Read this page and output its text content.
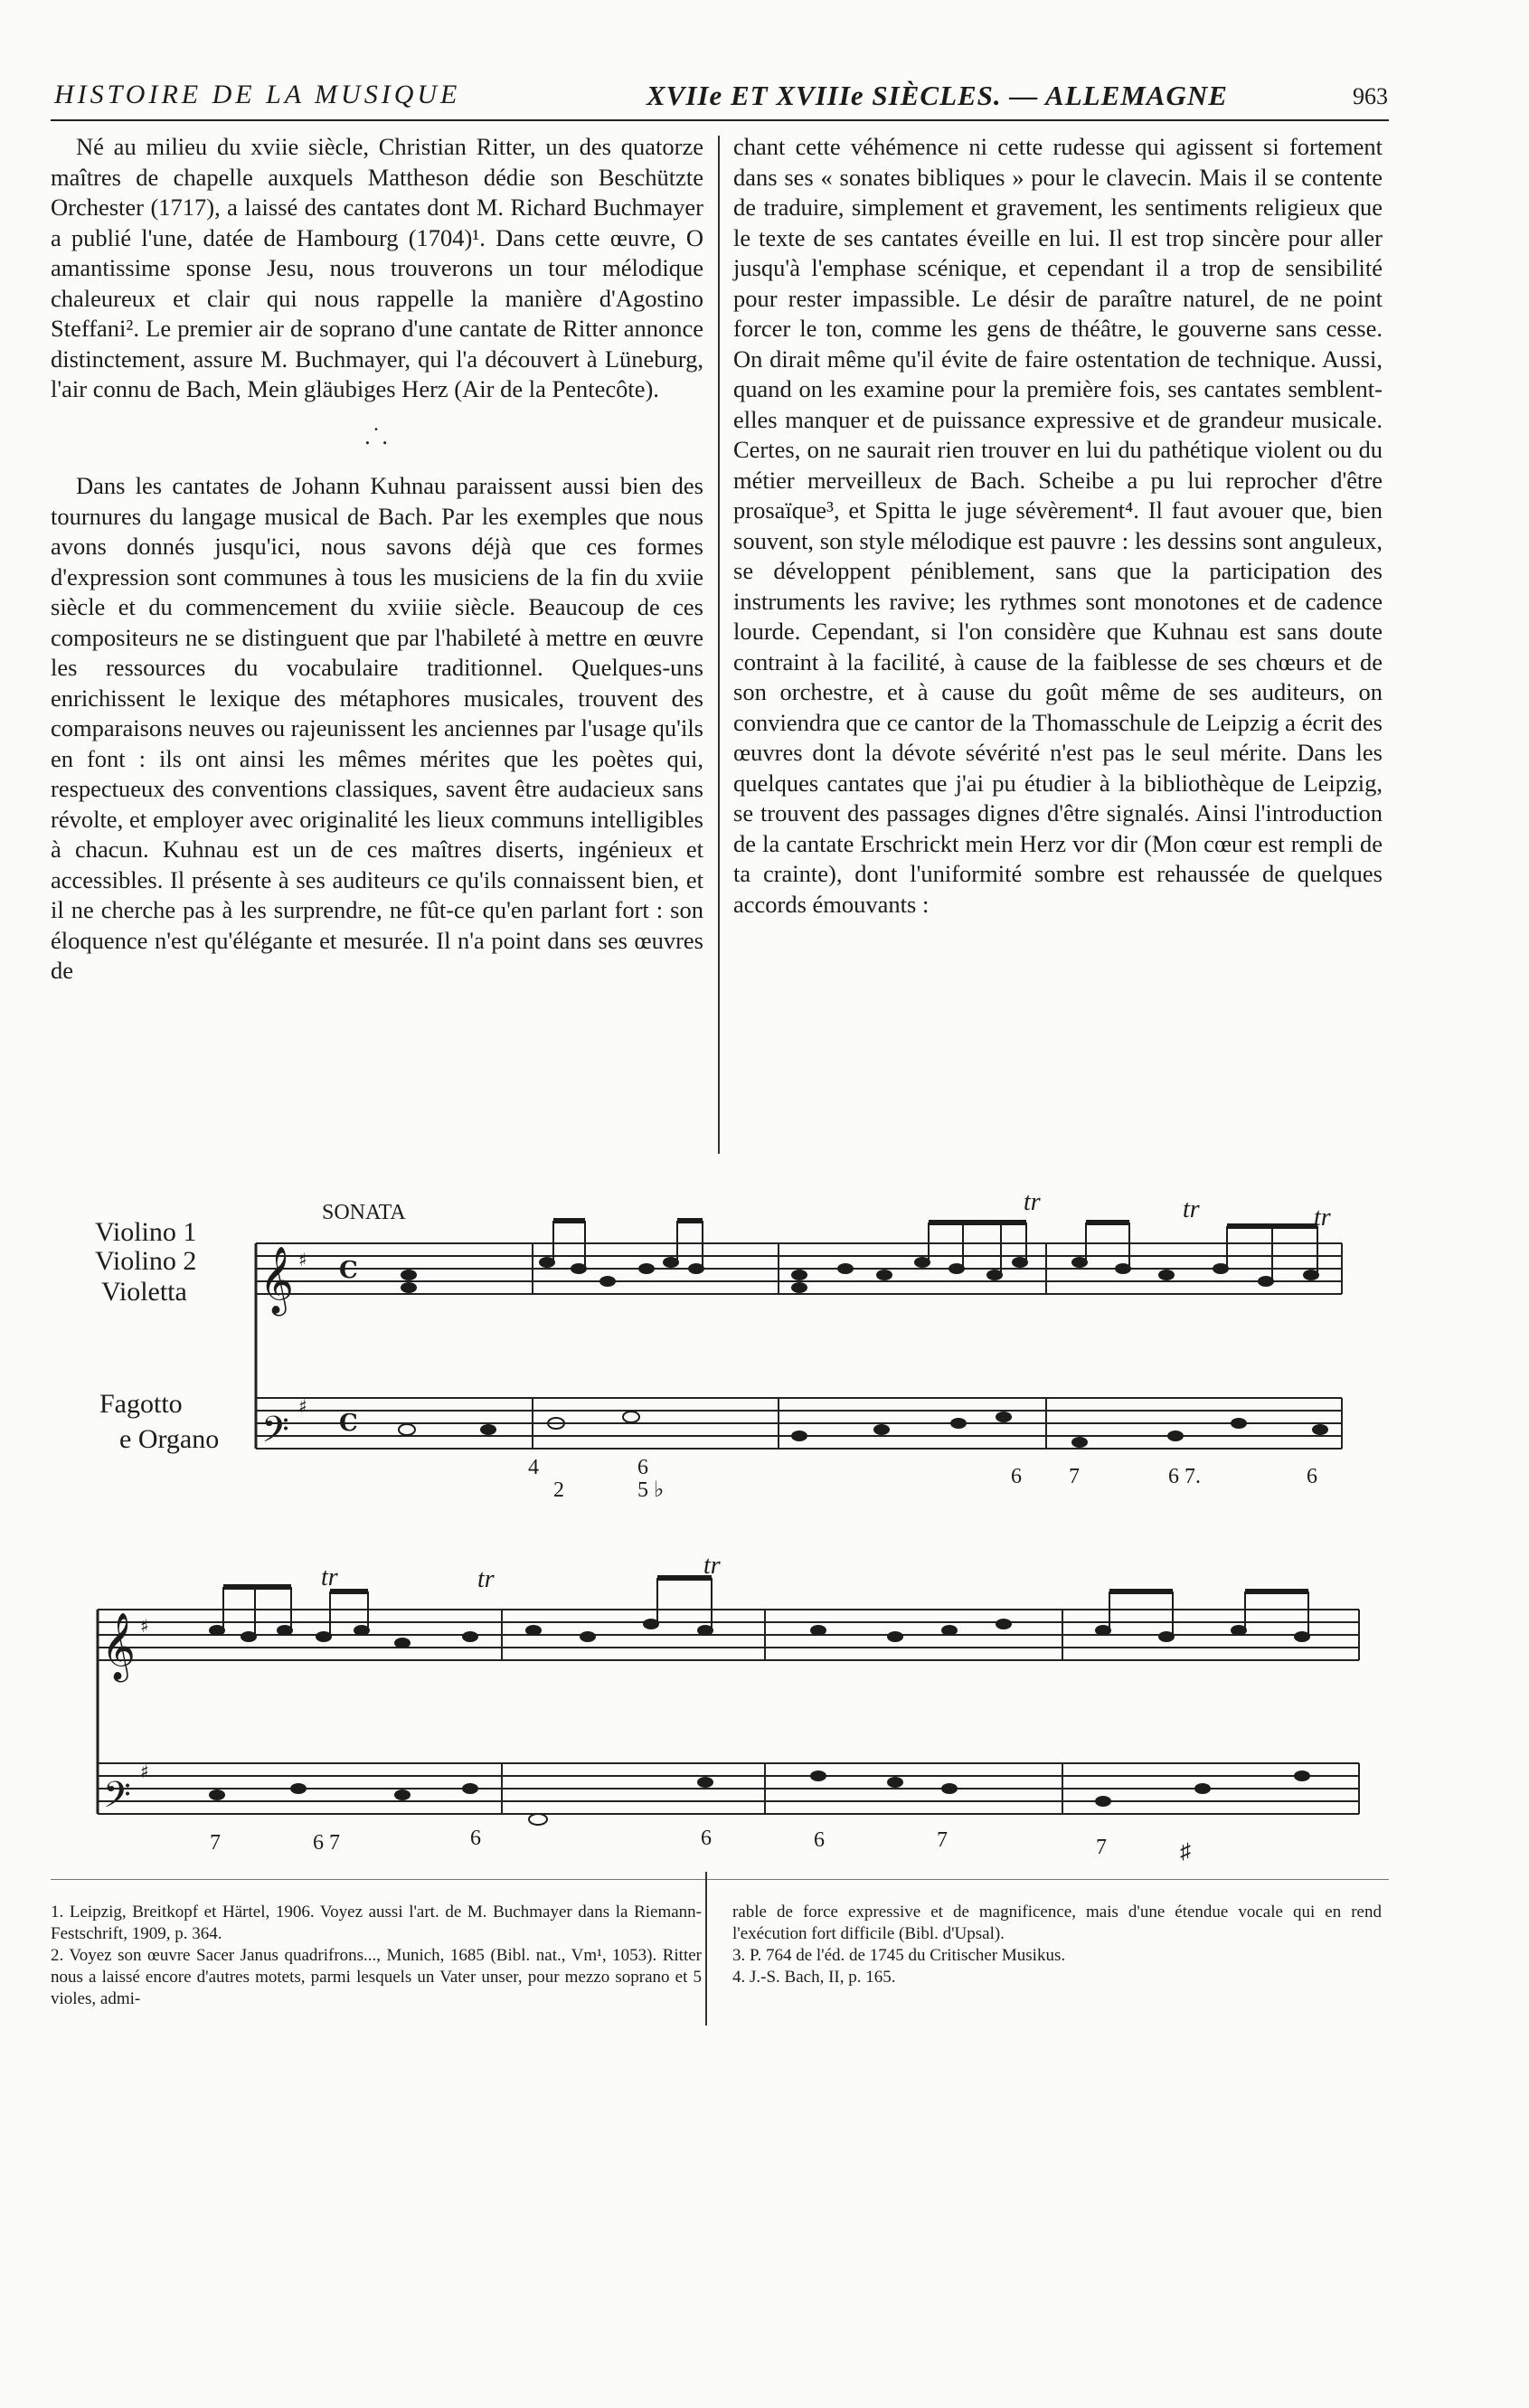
HISTOIRE DE LA MUSIQUE	XVIIe ET XVIIIe SIÈCLES. — ALLEMAGNE	963

Né au milieu du xviie siècle, Christian Ritter, un des quatorze maîtres de chapelle auxquels Mattheson dédie son Beschützte Orchester (1717), a laissé des cantates dont M. Richard Buchmayer a publié l'une, datée de Hambourg (1704)¹. Dans cette œuvre, O amantissime sponse Jesu, nous trouverons un tour mélodique chaleureux et clair qui nous rappelle la manière d'Agostino Steffani². Le premier air de soprano d'une cantate de Ritter annonce distinctement, assure M. Buchmayer, qui l'a découvert à Lüneburg, l'air connu de Bach, Mein gläubiges Herz (Air de la Pentecôte).

.˙.

Dans les cantates de Johann Kuhnau paraissent aussi bien des tournures du langage musical de Bach. Par les exemples que nous avons donnés jusqu'ici, nous savons déjà que ces formes d'expression sont communes à tous les musiciens de la fin du xviie siècle et du commencement du xviiie siècle. Beaucoup de ces compositeurs ne se distinguent que par l'habileté à mettre en œuvre les ressources du vocabulaire traditionnel. Quelques-uns enrichissent le lexique des métaphores musicales, trouvent des comparaisons neuves ou rajeunissent les anciennes par l'usage qu'ils en font : ils ont ainsi les mêmes mérites que les poètes qui, respectueux des conventions classiques, savent être audacieux sans révolte, et employer avec originalité les lieux communs intelligibles à chacun. Kuhnau est un de ces maîtres diserts, ingénieux et accessibles. Il présente à ses auditeurs ce qu'ils connaissent bien, et il ne cherche pas à les surprendre, ne fût-ce qu'en parlant fort : son éloquence n'est qu'élégante et mesurée. Il n'a point dans ses œuvres de

chant cette véhémence ni cette rudesse qui agissent si fortement dans ses « sonates bibliques » pour le clavecin. Mais il se contente de traduire, simplement et gravement, les sentiments religieux que le texte de ses cantates éveille en lui. Il est trop sincère pour aller jusqu'à l'emphase scénique, et cependant il a trop de sensibilité pour rester impassible. Le désir de paraître naturel, de ne point forcer le ton, comme les gens de théâtre, le gouverne sans cesse. On dirait même qu'il évite de faire ostentation de technique. Aussi, quand on les examine pour la première fois, ses cantates semblent-elles manquer et de puissance expressive et de grandeur musicale. Certes, on ne saurait rien trouver en lui du pathétique violent ou du métier merveilleux de Bach. Scheibe a pu lui reprocher d'être prosaïque³, et Spitta le juge sévèrement⁴. Il faut avouer que, bien souvent, son style mélodique est pauvre : les dessins sont anguleux, se développent péniblement, sans que la participation des instruments les ravive; les rythmes sont monotones et de cadence lourde. Cependant, si l'on considère que Kuhnau est sans doute contraint à la facilité, à cause de la faiblesse de ses chœurs et de son orchestre, et à cause du goût même de ses auditeurs, on conviendra que ce cantor de la Thomasschule de Leipzig a écrit des œuvres dont la dévote sévérité n'est pas le seul mérite. Dans les quelques cantates que j'ai pu étudier à la bibliothèque de Leipzig, se trouvent des passages dignes d'être signalés. Ainsi l'introduction de la cantate Erschrickt mein Herz vor dir (Mon cœur est rempli de ta crainte), dont l'uniformité sombre est rehaussée de quelques accords émouvants :

SONATA
Violino 1
Violino 2
Violetta
Fagotto
e Organo
𝄞
𝄢
𝄞
𝄢
♯
♯
♯
♯
C
C
tr	tr	tr
tr	tr	tr
4
2
6
5 ♭
6 7	6 7.	6
7	6 7	6	6	6	7	7	♯

1. Leipzig, Breitkopf et Härtel, 1906. Voyez aussi l'art. de M. Buchmayer dans la Riemann-Festschrift, 1909, p. 364.

2. Voyez son œuvre Sacer Janus quadrifrons..., Munich, 1685 (Bibl. nat., Vm¹, 1053). Ritter nous a laissé encore d'autres motets, parmi lesquels un Vater unser, pour mezzo soprano et 5 violes, admi-

rable de force expressive et de magnificence, mais d'une étendue vocale qui en rend l'exécution fort difficile (Bibl. d'Upsal).

3. P. 764 de l'éd. de 1745 du Critischer Musikus.

4. J.-S. Bach, II, p. 165.
